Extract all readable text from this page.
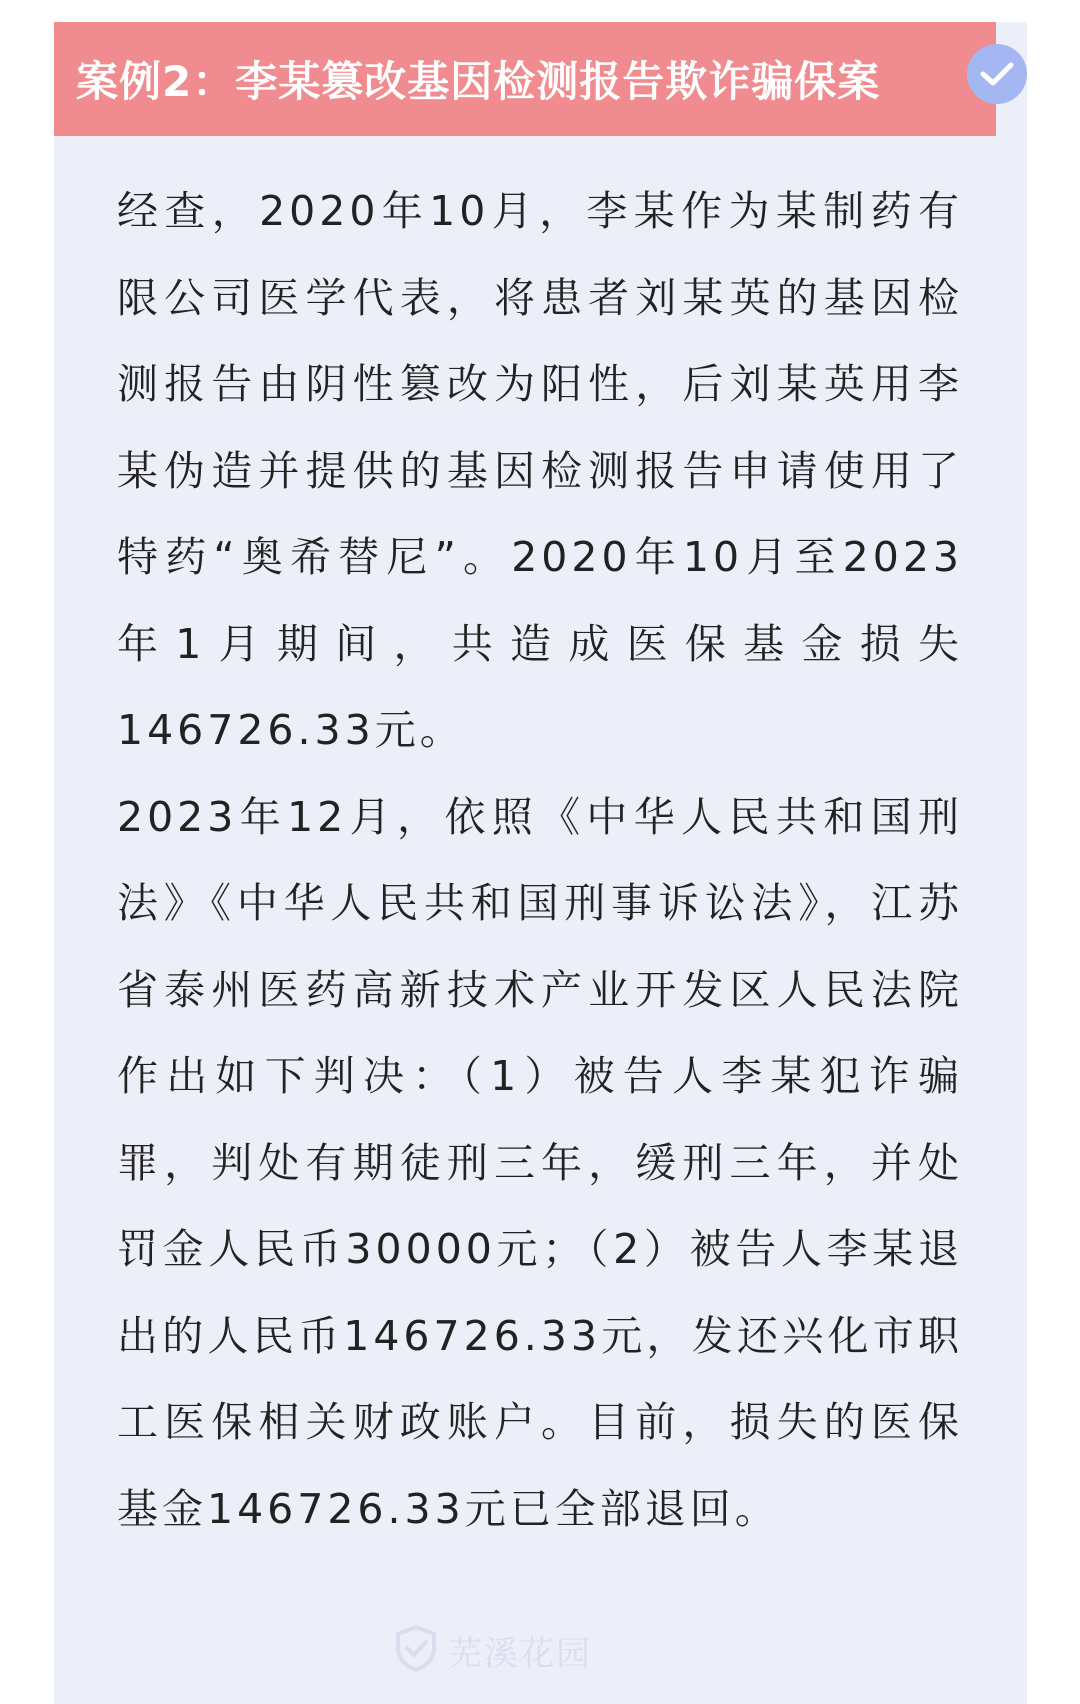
案例2：李某篡改基因检测报告欺诈骗保案

经查，2020年10月，李某作为某制药有限公司医学代表，将患者刘某英的基因检测报告由阴性篡改为阳性，后刘某英用李某伪造并提供的基因检测报告申请使用了特药“奥希替尼”。2020年10月至2023年1月期间，共造成医保基金损失146726.33元。

2023年12月，依照《中华人民共和国刑法》《中华人民共和国刑事诉讼法》，江苏省泰州医药高新技术产业开发区人民法院作出如下判决：（1）被告人李某犯诈骗罪，判处有期徒刑三年，缓刑三年，并处罚金人民币30000元；（2）被告人李某退出的人民币146726.33元，发还兴化市职工医保相关财政账户。目前，损失的医保基金146726.33元已全部退回。

芜溪花园
